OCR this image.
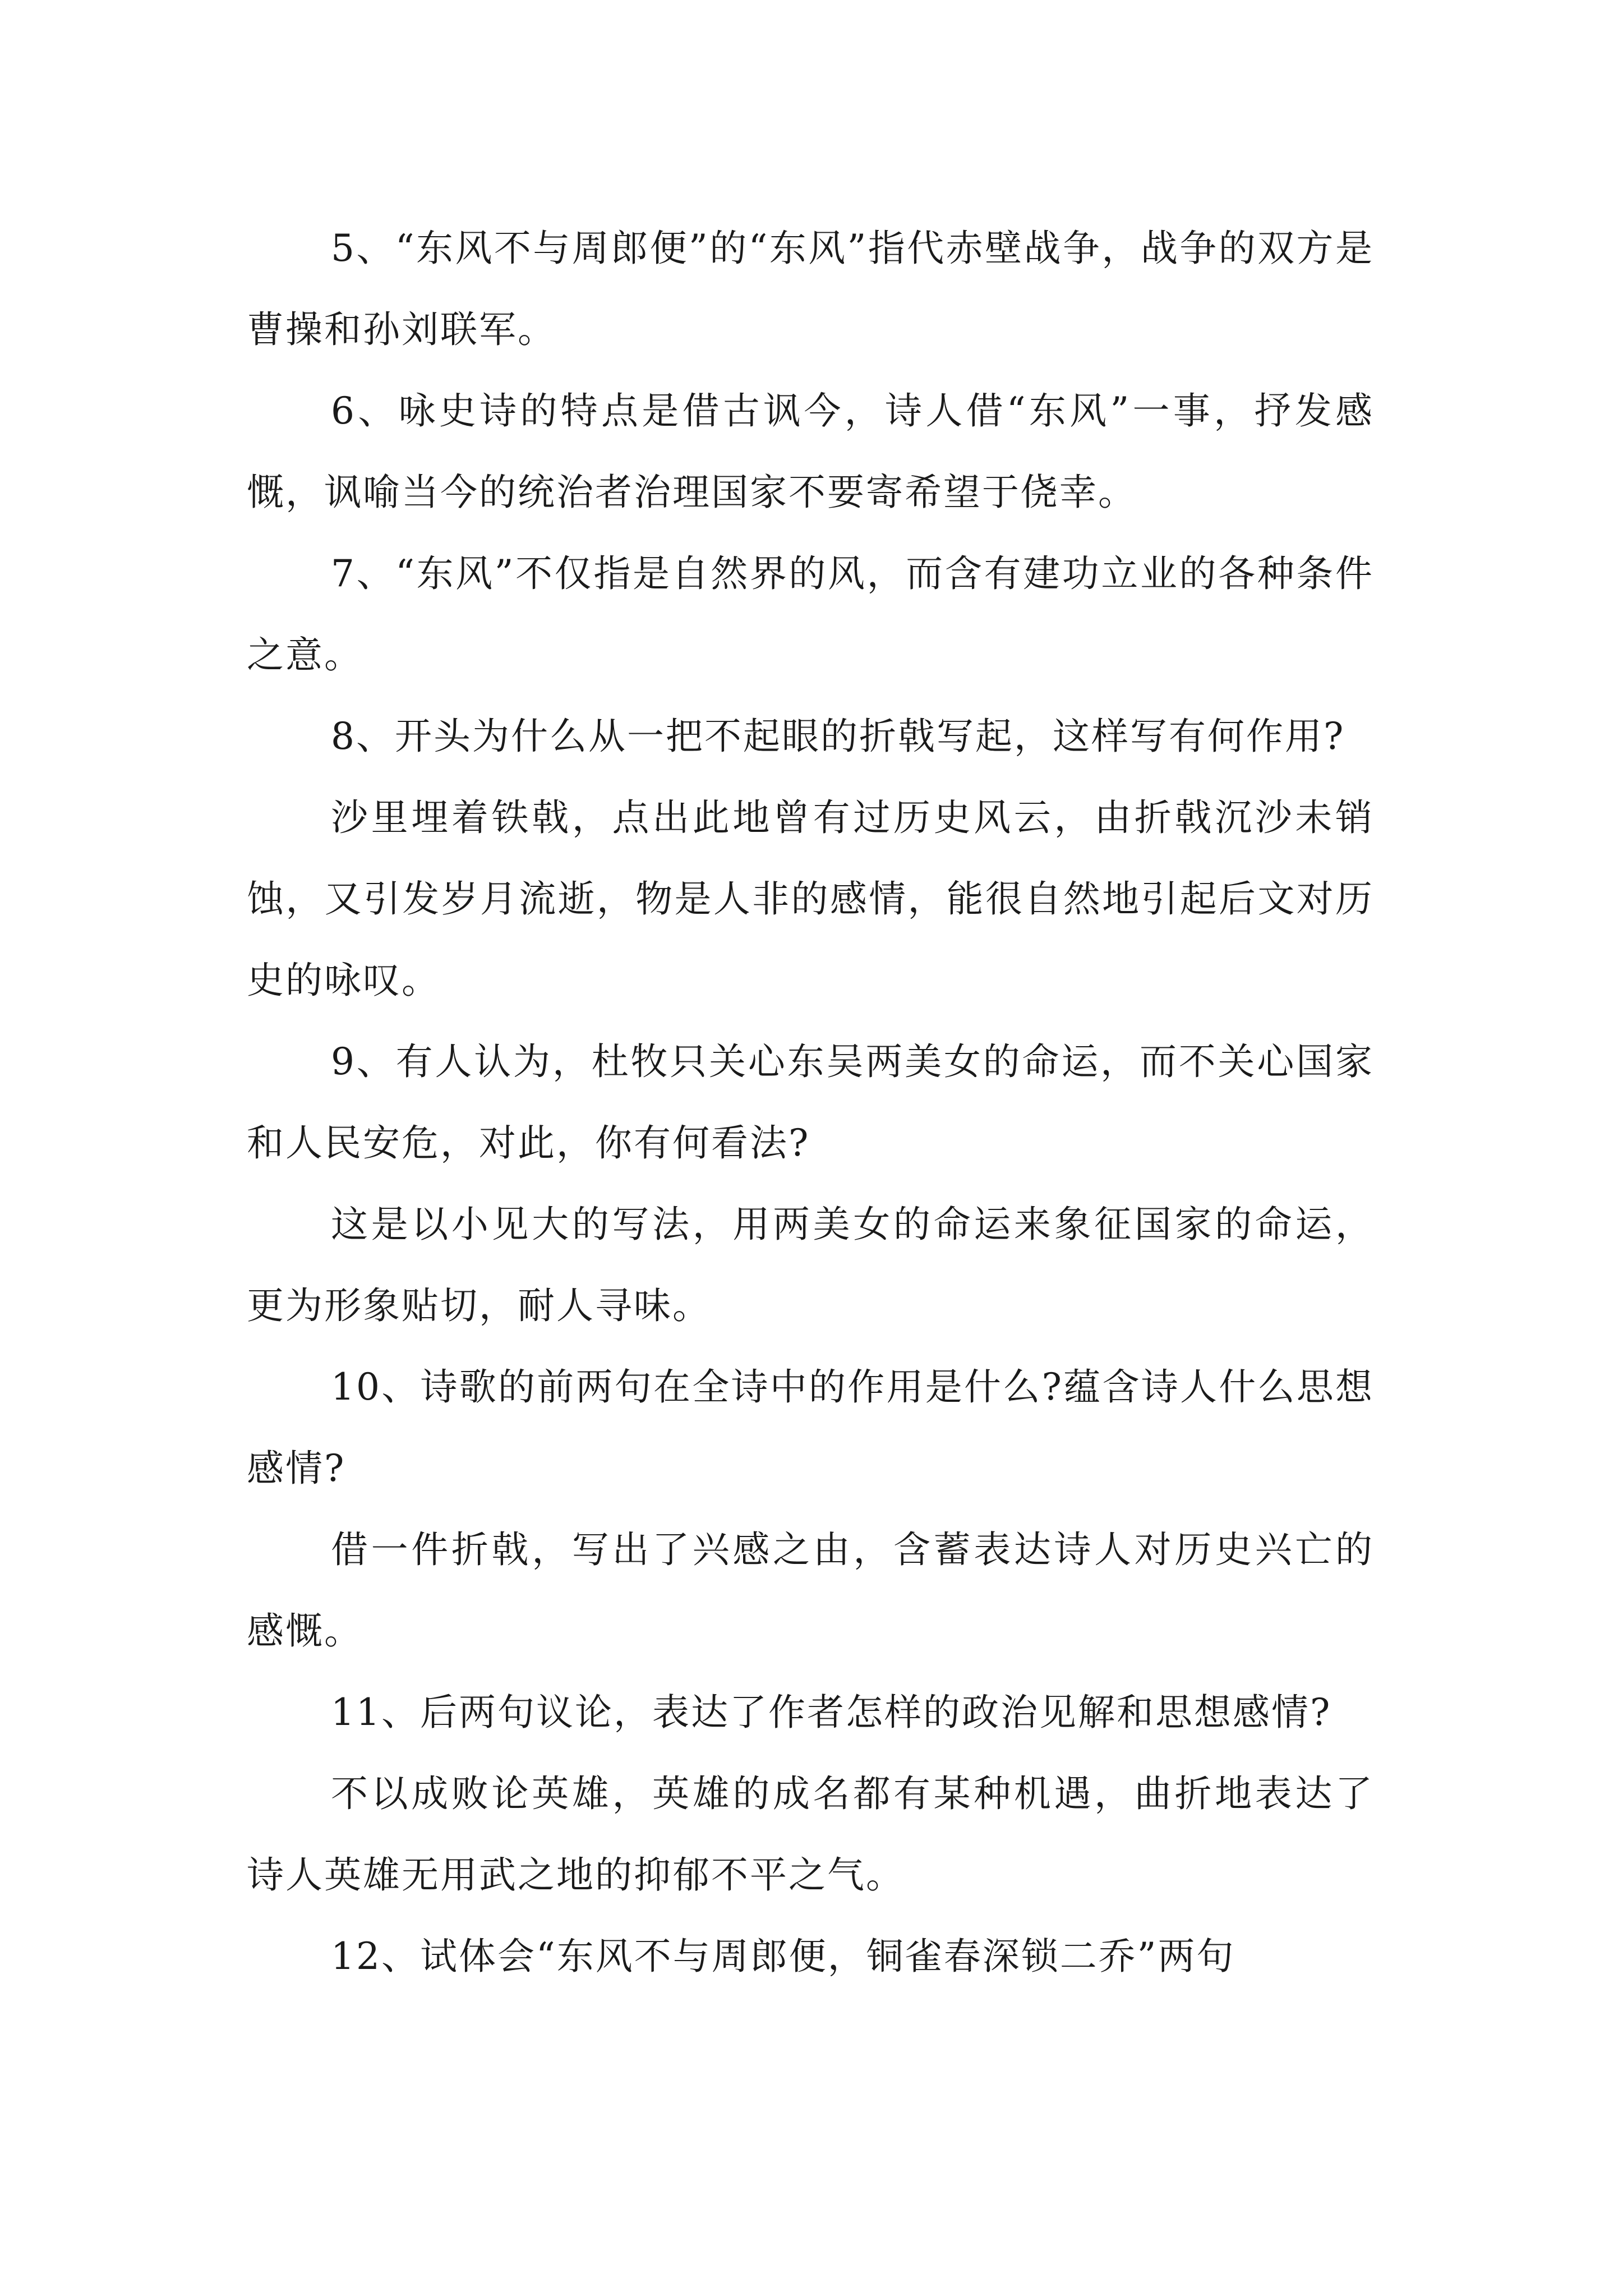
5、“东风不与周郎便”的“东风”指代赤壁战争，战争的双方是曹操和孙刘联军。

6、咏史诗的特点是借古讽今，诗人借“东风”一事，抒发感慨，讽喻当今的统治者治理国家不要寄希望于侥幸。

7、“东风”不仅指是自然界的风，而含有建功立业的各种条件之意。

8、开头为什么从一把不起眼的折戟写起，这样写有何作用?

沙里埋着铁戟，点出此地曾有过历史风云，由折戟沉沙未销蚀，又引发岁月流逝，物是人非的感情，能很自然地引起后文对历史的咏叹。

9、有人认为，杜牧只关心东吴两美女的命运，而不关心国家和人民安危，对此，你有何看法?

这是以小见大的写法，用两美女的命运来象征国家的命运，更为形象贴切，耐人寻味。

10、诗歌的前两句在全诗中的作用是什么?蕴含诗人什么思想感情?

借一件折戟，写出了兴感之由，含蓄表达诗人对历史兴亡的感慨。

11、后两句议论，表达了作者怎样的政治见解和思想感情?

不以成败论英雄，英雄的成名都有某种机遇，曲折地表达了诗人英雄无用武之地的抑郁不平之气。

12、试体会“东风不与周郎便，铜雀春深锁二乔”两句
